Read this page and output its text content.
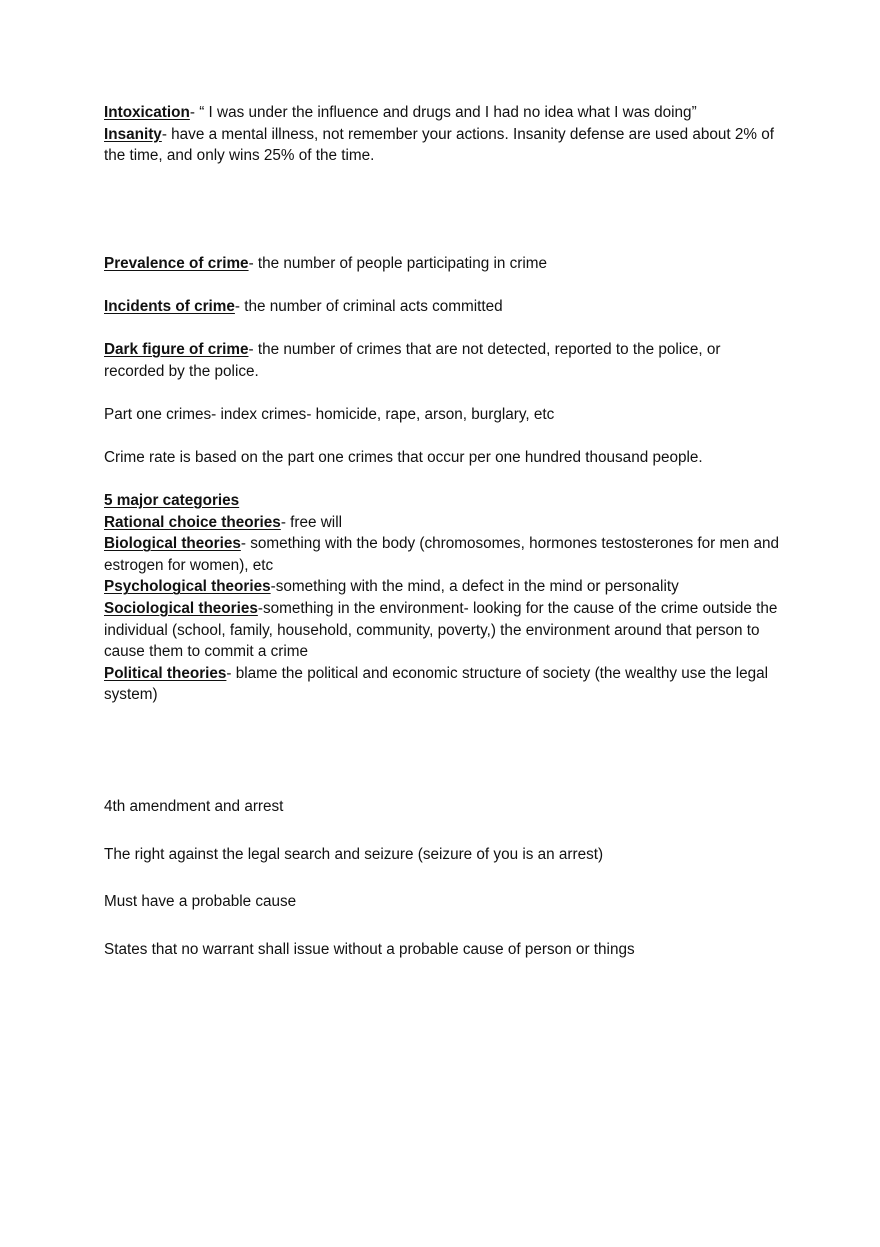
Intoxication- “ I was under the influence and drugs and I had no idea what I was doing”

Insanity- have a mental illness, not remember your actions. Insanity defense are used about 2% of the time, and only wins 25% of the time.

Prevalence of crime- the number of people participating in crime

Incidents of crime- the number of criminal acts committed

Dark figure of crime- the number of crimes that are not detected, reported to the police, or recorded by the police.

Part one crimes- index crimes- homicide, rape, arson, burglary, etc

Crime rate is based on the part one crimes that occur per one hundred thousand people.

5 major categories

Rational choice theories- free will

Biological theories- something with the body (chromosomes, hormones testosterones for men and estrogen for women), etc

Psychological theories-something with the mind, a defect in the mind or personality

Sociological theories-something in the environment- looking for the cause of the crime outside the individual (school, family, household, community, poverty,) the environment around that person to cause them to commit a crime

Political theories- blame the political and economic structure of society (the wealthy use the legal system)

4th amendment and arrest

The right against the legal search and seizure (seizure of you is an arrest)

Must have a probable cause

States that no warrant shall issue without a probable cause of person or things
